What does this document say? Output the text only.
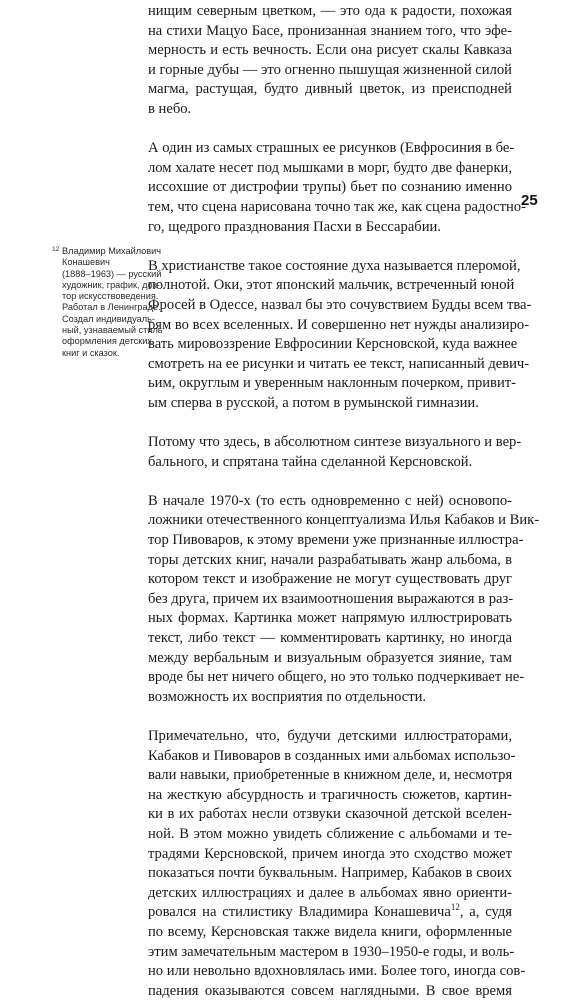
нищим северным цветком, — это ода к радости, похожая
на стихи Мацуо Басе, пронизанная знанием того, что эфе-
мерность и есть вечность. Если она рисует скалы Кавказа
и горные дубы — это огненно пышущая жизненной силой
магма, растущая, будто дивный цветок, из преисподней
в небо.

А один из самых страшных ее рисунков (Евфросиния в бе-
лом халате несет под мышками в морг, будто две фанерки,
иссохшие от дистрофии трупы) бьет по сознанию именно
тем, что сцена нарисована точно так же, как сцена радостно-
го, щедрого празднования Пасхи в Бессарабии.

В христианстве такое состояние духа называется плеромой,
полнотой. Оки, этот японский мальчик, встреченный юной
Фросей в Одессе, назвал бы это сочувствием Будды всем тва-
рям во всех вселенных. И совершенно нет нужды анализиро-
вать мировоззрение Евфросинии Керсновской, куда важнее
смотреть на ее рисунки и читать ее текст, написанный девич-
ьим, округлым и уверенным наклонным почерком, привит-
ым сперва в русской, а потом в румынской гимназии.

Потому что здесь, в абсолютном синтезе визуального и вер-
бального, и спрятана тайна сделанной Керсновской.

В начале 1970-х (то есть одновременно с ней) основопо-
ложники отечественного концептуализма Илья Кабаков и Вик-
тор Пивоваров, к этому времени уже признанные иллюстра-
торы детских книг, начали разрабатывать жанр альбома, в
котором текст и изображение не могут существовать друг
без друга, причем их взаимоотношения выражаются в раз-
ных формах. Картинка может напрямую иллюстрировать
текст, либо текст — комментировать картинку, но иногда
между вербальным и визуальным образуется зияние, там
вроде бы нет ничего общего, но это только подчеркивает не-
возможность их восприятия по отдельности.

Примечательно, что, будучи детскими иллюстраторами,
Кабаков и Пивоваров в созданных ими альбомах использо-
вали навыки, приобретенные в книжном деле, и, несмотря
на жесткую абсурдность и трагичность сюжетов, картин-
ки в их работах несли отзвуки сказочной детской вселен-
ной. В этом можно увидеть сближение с альбомами и те-
традями Керсновской, причем иногда это сходство может
показаться почти буквальным. Например, Кабаков в своих
детских иллюстрациях и далее в альбомах явно ориенти-
ровался на стилистику Владимира Конашевича$^{12}$, а, судя
по всему, Керсновская также видела книги, оформленные
этим замечательным мастером в 1930–1950-е годы, и воль-
но или невольно вдохновлялась ими. Более того, иногда сов-
падения оказываются совсем наглядными. В свое время

12 Владимир Михайлович
Конашевич
(1888–1963) — русский
художник, график, док-
тор искусствоведения.
Работал в Ленинграде.
Создал индивидуаль-
ный, узнаваемый стиль
оформления детских
книг и сказок.
25
